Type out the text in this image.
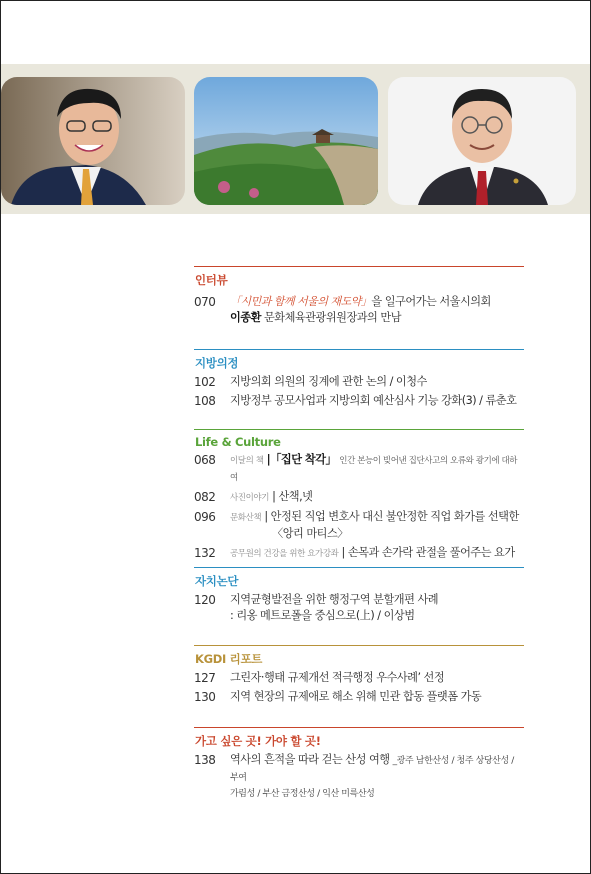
인터뷰
070	「시민과 함께 서울의 재도약」을 일구어가는 서울시의회
이종환 문화체육관광위원장과의 만남
지방의정
102	지방의회 의원의 징계에 관한 논의 / 이청수
108	지방정부 공모사업과 지방의회 예산심사 기능 강화(3) / 류춘호
Life & Culture
068	이달의 책 |「집단 착각」 인간 본능이 빚어낸 집단사고의 오류와 광기에 대하여
082	사진이야기 | 산책,넷
096	문화산책 | 안정된 직업 변호사 대신 불안정한 직업 화가를 선택한
〈앙리 마티스〉
132	공무원의 건강을 위한 요가강좌 | 손목과 손가락 관절을 풀어주는 요가
자치논단
120	지역균형발전을 위한 행정구역 분할개편 사례
: 리옹 메트로폴을 중심으로(上) / 이상범
KGDI 리포트
127	그린자·행태 규제개선 적극행정 우수사례’ 선정
130	지역 현장의 규제애로 해소 위해 민관 합동 플랫폼 가동
가고 싶은 곳! 가야 할 곳!
138	역사의 흔적을 따라 걷는 산성 여행 _광주 남한산성 / 청주 상당산성 / 부여
가림성 / 부산 금정산성 / 익산 미륵산성
